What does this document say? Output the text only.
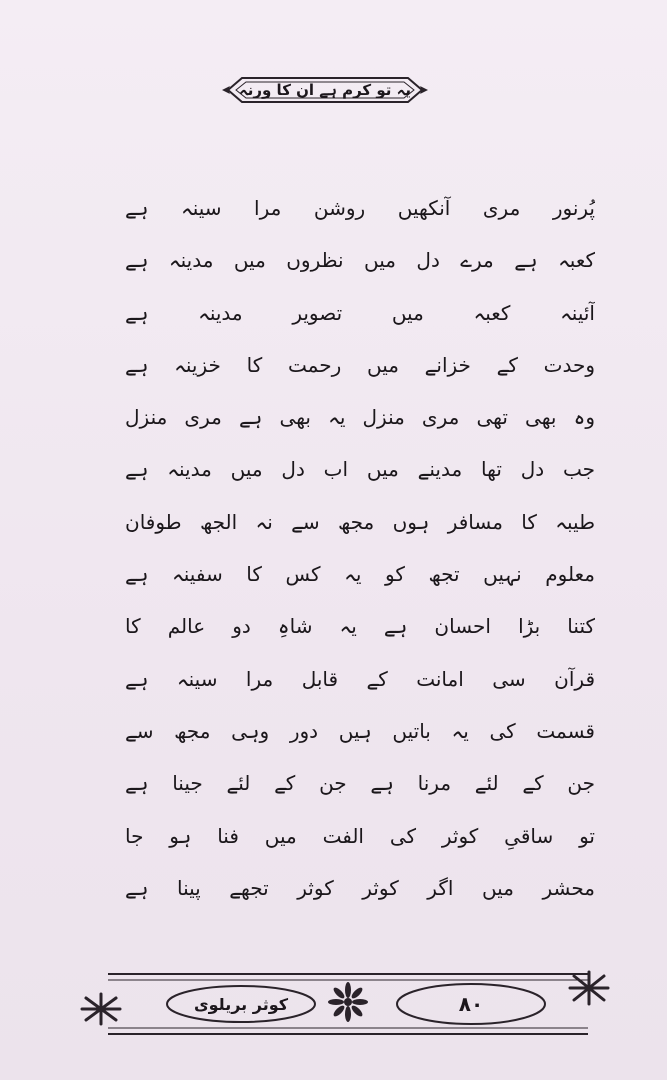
یہ تو کرم ہے ان کا ورنہ
پُرنور مری آنکھیں روشن مرا سینہ ہے
کعبہ ہے مرے دل میں نظروں میں مدینہ ہے
آئینہ کعبہ میں تصویر مدینہ ہے
وحدت کے خزانے میں رحمت کا خزینہ ہے
وہ بھی تھی مری منزل یہ بھی ہے مری منزل
جب دل تھا مدینے میں اب دل میں مدینہ ہے
طیبہ کا مسافر ہوں مجھ سے نہ الجھ طوفان
معلوم نہیں تجھ کو یہ کس کا سفینہ ہے
کتنا بڑا احسان ہے یہ شاہِ دو عالم کا
قرآن سی امانت کے قابل مرا سینہ ہے
قسمت کی یہ باتیں ہیں دور وہی مجھ سے
جن کے لئے مرنا ہے جن کے لئے جینا ہے
تو ساقیِ کوثر کی الفت میں فنا ہو جا
محشر میں اگر کوثر کوثر تجھے پینا ہے
کوثر بریلوی	۸۰
